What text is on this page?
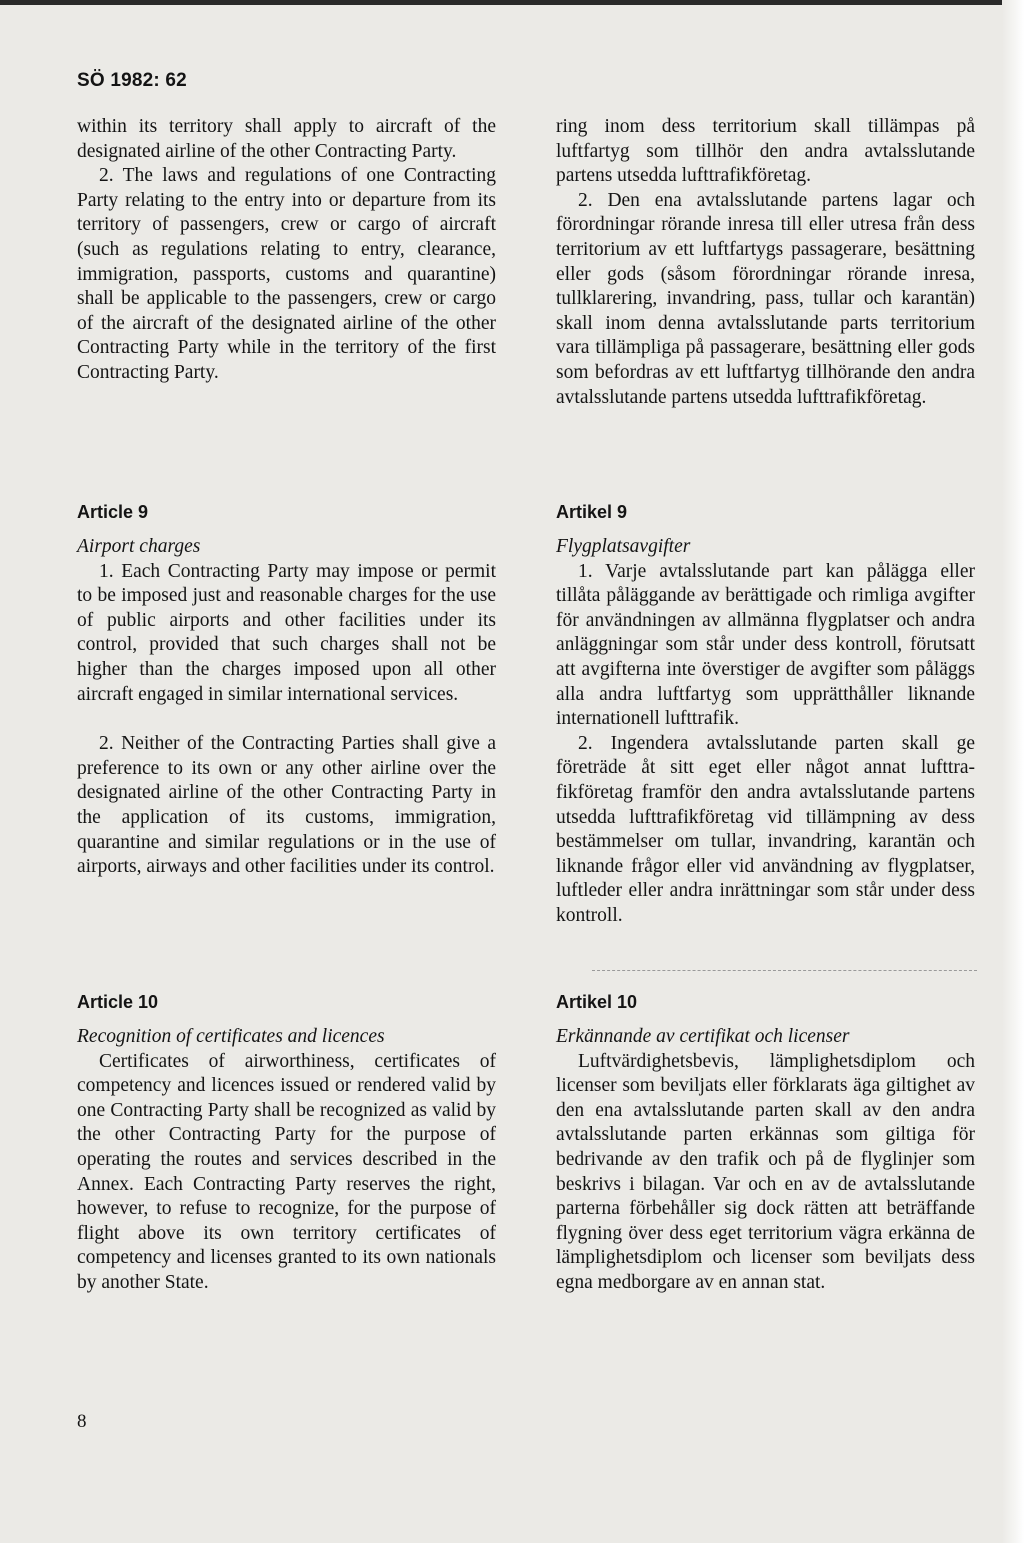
SÖ 1982: 62

within its territory shall apply to aircraft of the designated airline of the other Contracting Party.

2. The laws and regulations of one Contracting Party relating to the entry into or departure from its territory of passengers, crew or cargo of aircraft (such as regulations relating to entry, clearance, immigration, passports, customs and quarantine) shall be applicable to the passengers, crew or cargo of the aircraft of the designated airline of the other Contracting Party while in the territory of the first Contracting Party.

Article 9

Airport charges

1. Each Contracting Party may impose or permit to be imposed just and reasonable charges for the use of public airports and other facilities under its control, provided that such charges shall not be higher than the charges imposed upon all other aircraft engaged in similar international services.

2. Neither of the Contracting Parties shall give a preference to its own or any other airline over the designated airline of the other Contracting Party in the application of its customs, immigration, quarantine and similar regulations or in the use of airports, airways and other facilities under its control.

Article 10

Recognition of certificates and licences

Certificates of airworthiness, certificates of competency and licences issued or rendered valid by one Contracting Party shall be recognized as valid by the other Contracting Party for the purpose of operating the routes and services described in the Annex. Each Contracting Party reserves the right, however, to refuse to recognize, for the purpose of flight above its own territory certificates of competency and licenses granted to its own nationals by another State.

ring inom dess territorium skall tillämpas på luftfartyg som tillhör den andra avtalsslutande partens utsedda lufttrafikföretag.

2. Den ena avtalsslutande partens lagar och förordningar rörande inresa till eller utresa från dess territorium av ett luftfartygs passagerare, besättning eller gods (såsom förordningar rörande inresa, tullklarering, invandring, pass, tullar och karantän) skall inom denna avtalsslutande parts territorium vara tillämpliga på passagerare, besättning eller gods som befordras av ett luftfartyg tillhörande den andra avtalsslutande partens utsedda lufttrafikföretag.

Artikel 9

Flygplatsavgifter

1. Varje avtalsslutande part kan pålägga eller tillåta påläggande av berättigade och rimliga avgifter för användningen av allmänna flygplatser och andra anläggningar som står under dess kontroll, förutsatt att avgifterna inte överstiger de avgifter som påläggs alla andra luftfartyg som upprätthåller liknande internationell lufttrafik.

2. Ingendera avtalsslutande parten skall ge företräde åt sitt eget eller något annat lufttrafikföretag framför den andra avtalsslutande partens utsedda lufttrafikföretag vid tillämpning av dess bestämmelser om tullar, invandring, karantän och liknande frågor eller vid användning av flygplatser, luftleder eller andra inrättningar som står under dess kontroll.

Artikel 10

Erkännande av certifikat och licenser

Luftvärdighetsbevis, lämplighetsdiplom och licenser som beviljats eller förklarats äga giltighet av den ena avtalsslutande parten skall av den andra avtalsslutande parten erkännas som giltiga för bedrivande av den trafik och på de flyglinjer som beskrivs i bilagan. Var och en av de avtalsslutande parterna förbehåller sig dock rätten att beträffande flygning över dess eget territorium vägra erkänna de lämplighetsdiplom och licenser som beviljats dess egna medborgare av en annan stat.

8
